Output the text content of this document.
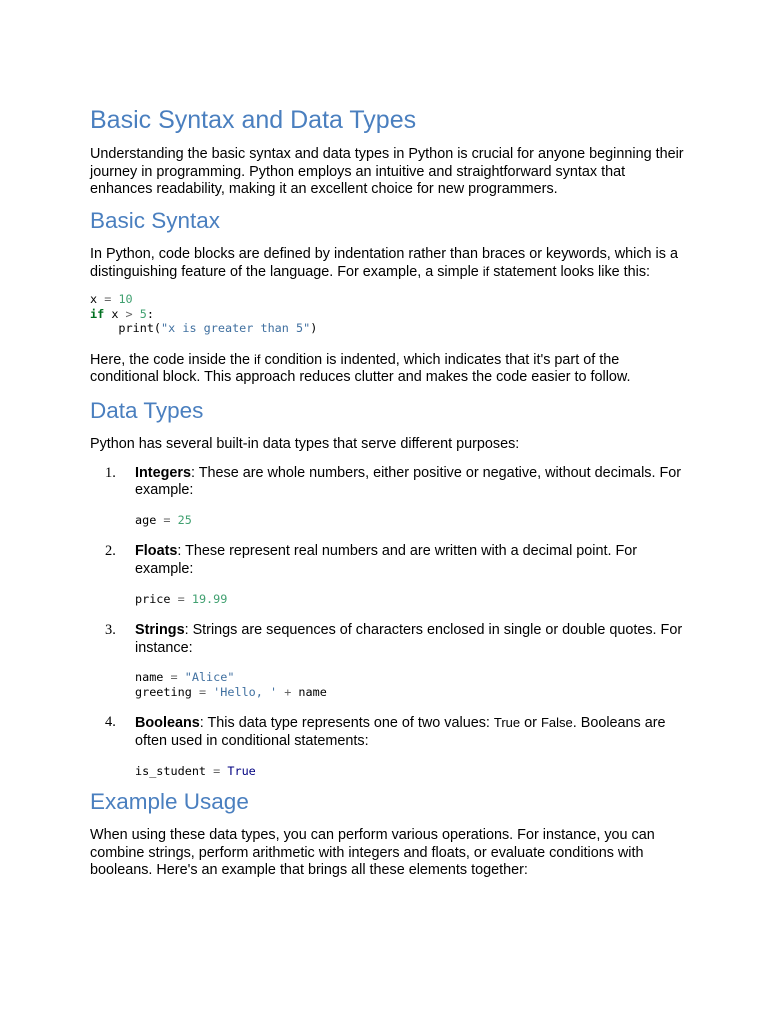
Basic Syntax and Data Types

Understanding the basic syntax and data types in Python is crucial for anyone beginning their journey in programming. Python employs an intuitive and straightforward syntax that enhances readability, making it an excellent choice for new programmers.

Basic Syntax

In Python, code blocks are defined by indentation rather than braces or keywords, which is a distinguishing feature of the language. For example, a simple if statement looks like this:

x = 10
if x > 5:
print("x is greater than 5")

Here, the code inside the if condition is indented, which indicates that it's part of the conditional block. This approach reduces clutter and makes the code easier to follow.

Data Types

Python has several built-in data types that serve different purposes:

1. Integers: These are whole numbers, either positive or negative, without decimals. For example:

age = 25
2. Floats: These represent real numbers and are written with a decimal point. For example:

price = 19.99
3. Strings: Strings are sequences of characters enclosed in single or double quotes. For instance:

name = "Alice"
greeting = 'Hello, ' + name
4. Booleans: This data type represents one of two values: True or False. Booleans are often used in conditional statements:

is_student = True
Example Usage

When using these data types, you can perform various operations. For instance, you can combine strings, perform arithmetic with integers and floats, or evaluate conditions with booleans. Here's an example that brings all these elements together:
